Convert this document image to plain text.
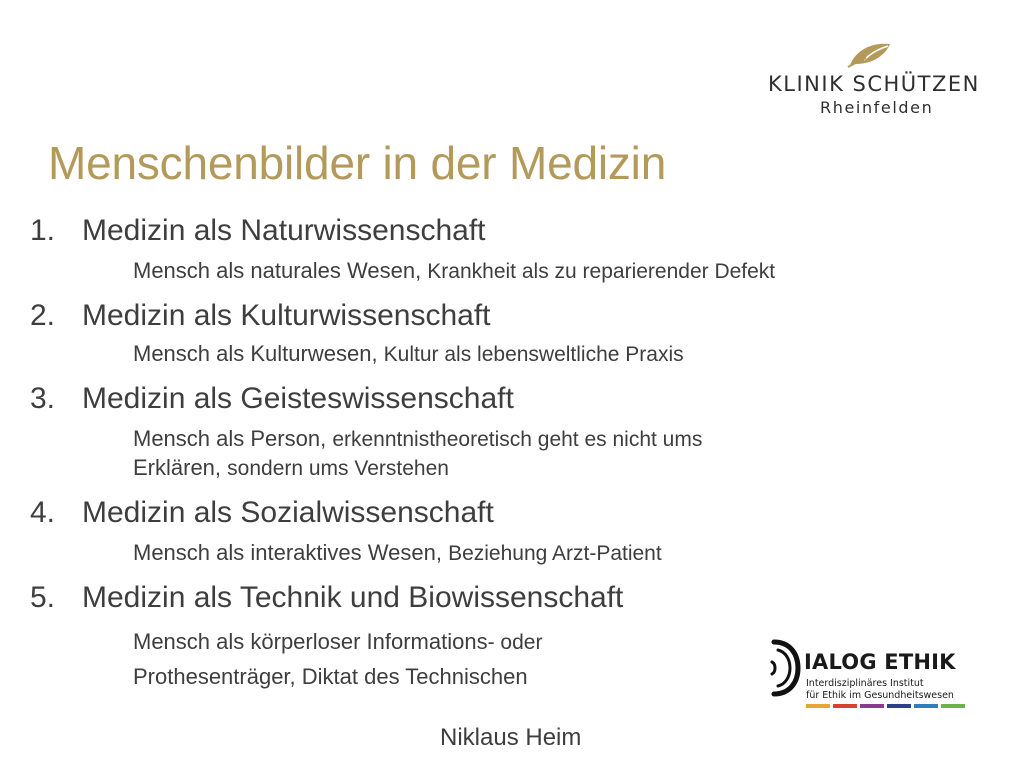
KLINIK SCHÜTZEN
Rheinfelden
Menschenbilder in der Medizin
1. Medizin als Naturwissenschaft
Mensch als naturales Wesen, Krankheit als zu reparierender Defekt
2. Medizin als Kulturwissenschaft
Mensch als Kulturwesen, Kultur als lebensweltliche Praxis
3. Medizin als Geisteswissenschaft
Mensch als Person, erkenntnistheoretisch geht es nicht ums
Erklären, sondern ums Verstehen
4. Medizin als Sozialwissenschaft
Mensch als interaktives Wesen, Beziehung Arzt-Patient
5. Medizin als Technik und Biowissenschaft
Mensch als körperloser Informations- oder
Prothesenträger, Diktat des Technischen
Niklaus Heim
IALOG ETHIK
Interdisziplinäres Institut
für Ethik im Gesundheitswesen
